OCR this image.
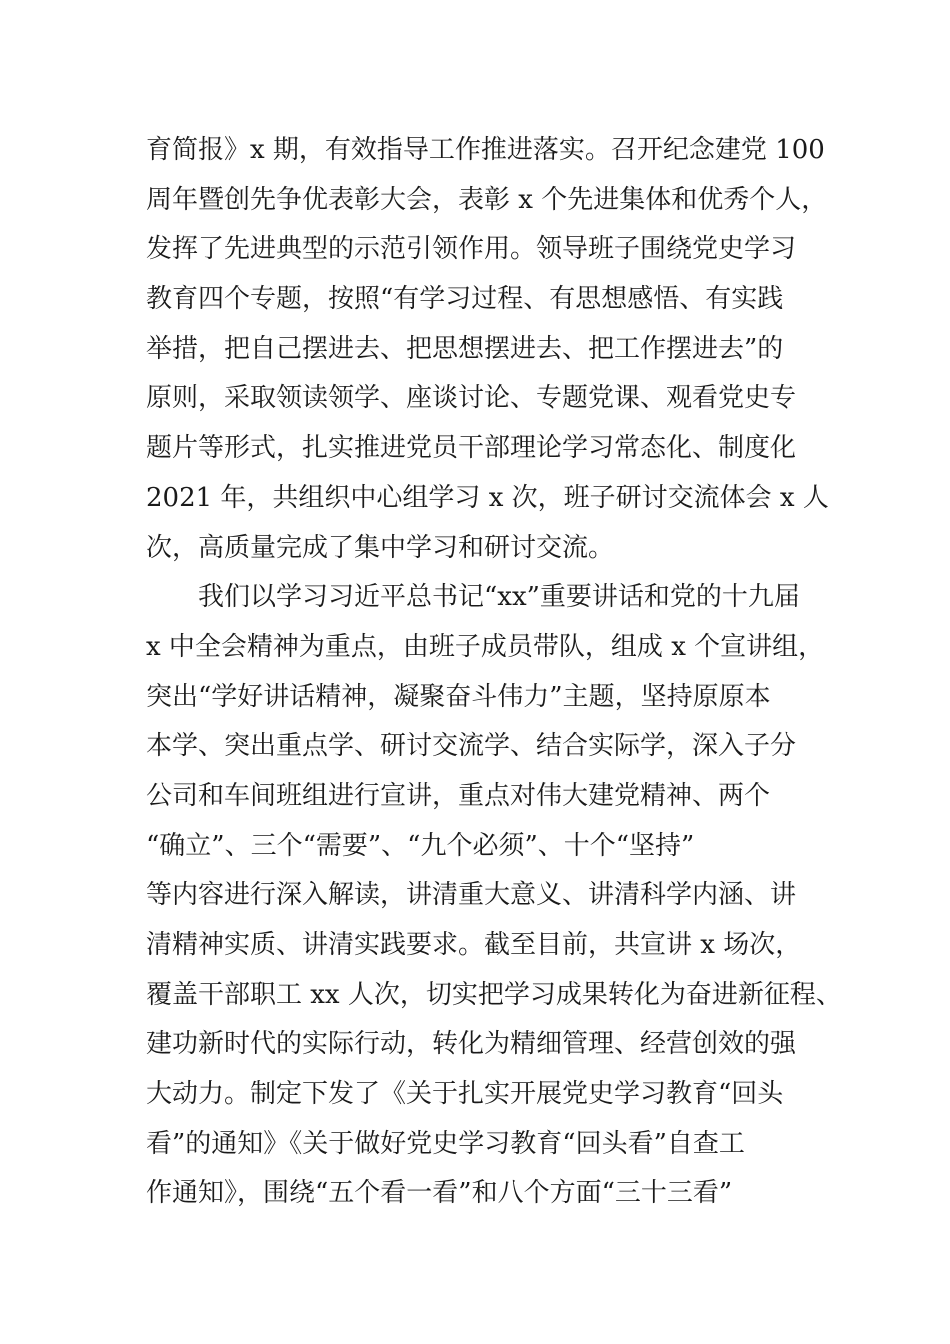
育简报》x 期，有效指导工作推进落实。召开纪念建党 100
周年暨创先争优表彰大会，表彰 x 个先进集体和优秀个人，
发挥了先进典型的示范引领作用。领导班子围绕党史学习
教育四个专题，按照“有学习过程、有思想感悟、有实践
举措，把自己摆进去、把思想摆进去、把工作摆进去”的
原则，采取领读领学、座谈讨论、专题党课、观看党史专
题片等形式，扎实推进党员干部理论学习常态化、制度化
2021 年，共组织中心组学习 x 次，班子研讨交流体会 x 人
次，高质量完成了集中学习和研讨交流。
　　我们以学习习近平总书记“xx”重要讲话和党的十九届
x 中全会精神为重点，由班子成员带队，组成 x 个宣讲组，
突出“学好讲话精神，凝聚奋斗伟力”主题，坚持原原本
本学、突出重点学、研讨交流学、结合实际学，深入子分
公司和车间班组进行宣讲，重点对伟大建党精神、两个
“确立”、三个“需要”、“九个必须”、十个“坚持”
等内容进行深入解读，讲清重大意义、讲清科学内涵、讲
清精神实质、讲清实践要求。截至目前，共宣讲 x 场次，
覆盖干部职工 xx 人次，切实把学习成果转化为奋进新征程、
建功新时代的实际行动，转化为精细管理、经营创效的强
大动力。制定下发了《关于扎实开展党史学习教育“回头
看”的通知》《关于做好党史学习教育“回头看”自查工
作通知》，围绕“五个看一看”和八个方面“三十三看”
